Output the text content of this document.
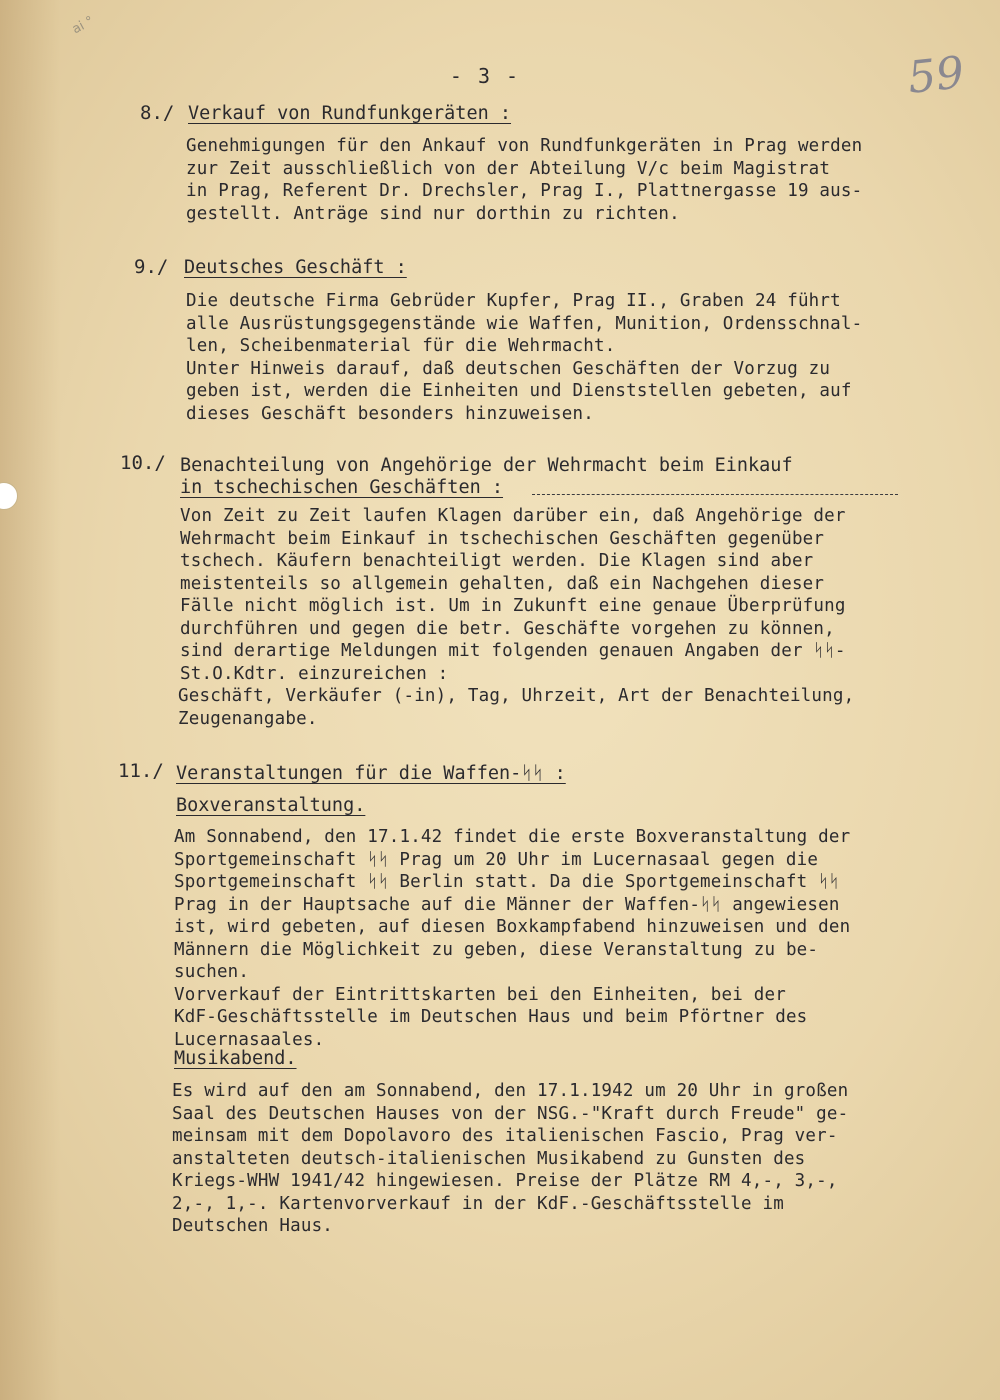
ai °
- 3 -	59
8./ Verkauf von Rundfunkgeräten :
Genehmigungen für den Ankauf von Rundfunkgeräten in Prag werden
zur Zeit ausschließlich von der Abteilung V/c beim Magistrat
in Prag, Referent Dr. Drechsler, Prag I., Plattnergasse 19 aus-
gestellt. Anträge sind nur dorthin zu richten.
9./ Deutsches Geschäft :
Die deutsche Firma Gebrüder Kupfer, Prag II., Graben 24 führt
alle Ausrüstungsgegenstände wie Waffen, Munition, Ordensschnal-
len, Scheibenmaterial für die Wehrmacht.
Unter Hinweis darauf, daß deutschen Geschäften der Vorzug zu
geben ist, werden die Einheiten und Dienststellen gebeten, auf
dieses Geschäft besonders hinzuweisen.
10./ Benachteilung von Angehörige der Wehrmacht beim Einkauf
in tschechischen Geschäften :
Von Zeit zu Zeit laufen Klagen darüber ein, daß Angehörige der
Wehrmacht beim Einkauf in tschechischen Geschäften gegenüber
tschech. Käufern benachteiligt werden. Die Klagen sind aber
meistenteils so allgemein gehalten, daß ein Nachgehen dieser
Fälle nicht möglich ist. Um in Zukunft eine genaue Überprüfung
durchführen und gegen die betr. Geschäfte vorgehen zu können,
sind derartige Meldungen mit folgenden genauen Angaben der ᛋᛋ-
St.O.Kdtr. einzureichen :
Geschäft, Verkäufer (-in), Tag, Uhrzeit, Art der Benachteilung,
Zeugenangabe.
11./ Veranstaltungen für die Waffen-ᛋᛋ :
Boxveranstaltung.
Am Sonnabend, den 17.1.42 findet die erste Boxveranstaltung der
Sportgemeinschaft ᛋᛋ Prag um 20 Uhr im Lucernasaal gegen die
Sportgemeinschaft ᛋᛋ Berlin statt. Da die Sportgemeinschaft ᛋᛋ
Prag in der Hauptsache auf die Männer der Waffen-ᛋᛋ angewiesen
ist, wird gebeten, auf diesen Boxkampfabend hinzuweisen und den
Männern die Möglichkeit zu geben, diese Veranstaltung zu be-
suchen.
Vorverkauf der Eintrittskarten bei den Einheiten, bei der
KdF-Geschäftsstelle im Deutschen Haus und beim Pförtner des
Lucernasaales.
Musikabend.
Es wird auf den am Sonnabend, den 17.1.1942 um 20 Uhr in großen
Saal des Deutschen Hauses von der NSG.-"Kraft durch Freude" ge-
meinsam mit dem Dopolavoro des italienischen Fascio, Prag ver-
anstalteten deutsch-italienischen Musikabend zu Gunsten des
Kriegs-WHW 1941/42 hingewiesen. Preise der Plätze RM 4,-, 3,-,
2,-, 1,-. Kartenvorverkauf in der KdF.-Geschäftsstelle im
Deutschen Haus.
